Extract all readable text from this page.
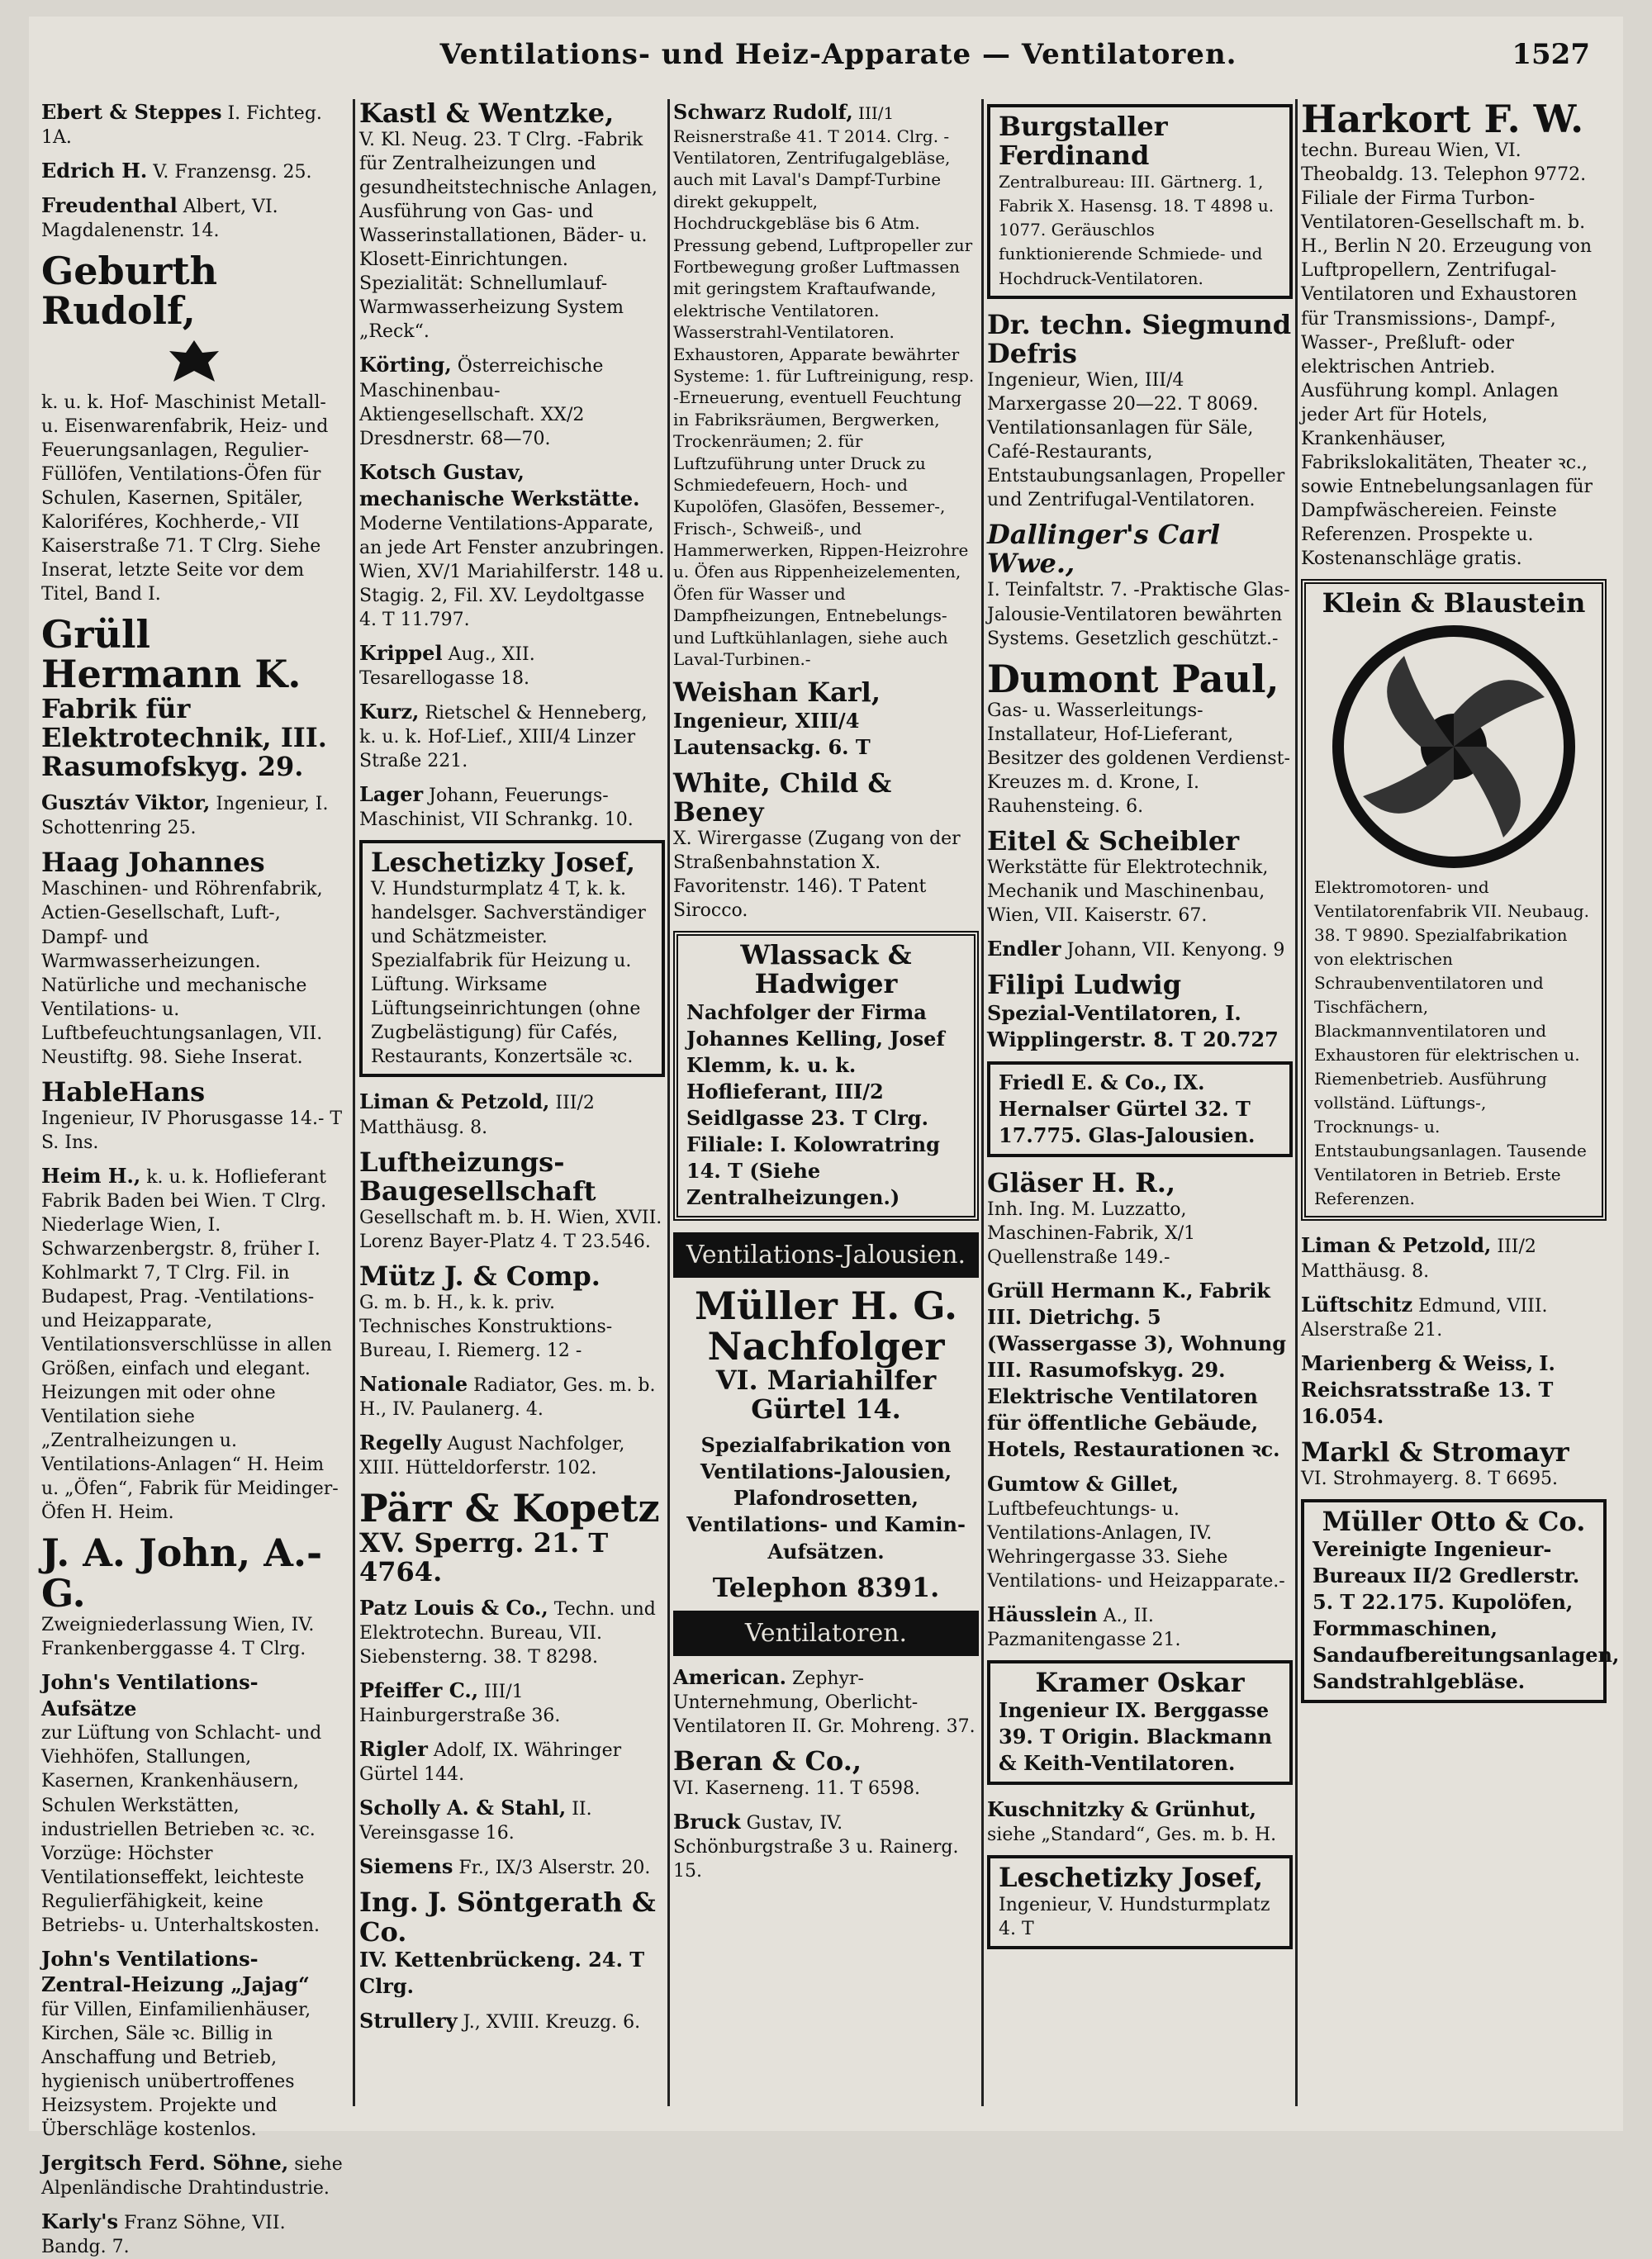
Ventilations- und Heiz-Apparate — Ventilatoren.	1527
Ebert & Steppes I. Fichteg. 1A.
Edrich H. V. Franzensg. 25.
Freudenthal Albert, VI. Magdalenenstr. 14.
Geburth Rudolf,
k. u. k. Hof- Maschinist Metall- u. Eisenwarenfabrik, Heiz- und Feuerungsanlagen, Regulier-Füllöfen, Ventilations-Öfen für Schulen, Kasernen, Spitäler, Kaloriféres, Kochherde,- VII Kaiserstraße 71. T Clrg. Siehe Inserat, letzte Seite vor dem Titel, Band I.
Grüll Hermann K.
Fabrik für Elektrotechnik, III. Rasumofskyg. 29.
Gusztáv Viktor, Ingenieur, I. Schottenring 25.
Haag Johannes
Maschinen- und Röhrenfabrik, Actien-Gesellschaft, Luft-, Dampf- und Warmwasserheizungen. Natürliche und mechanische Ventilations- u. Luftbefeuchtungsanlagen, VII. Neustiftg. 98. Siehe Inserat.
HableHans
Ingenieur, IV Phorusgasse 14.- T S. Ins.
Heim H., k. u. k. Hoflieferant Fabrik Baden bei Wien. T Clrg. Niederlage Wien, I. Schwarzenbergstr. 8, früher I. Kohlmarkt 7, T Clrg. Fil. in Budapest, Prag. -Ventilations- und Heizapparate, Ventilationsverschlüsse in allen Größen, einfach und elegant. Heizungen mit oder ohne Ventilation siehe „Zentralheizungen u. Ventilations-Anlagen“ H. Heim u. „Öfen“, Fabrik für Meidinger-Öfen H. Heim.
J. A. John, A.-G.
Zweigniederlassung Wien, IV. Frankenberggasse 4. T Clrg.
John's Ventilations-Aufsätze
zur Lüftung von Schlacht- und Viehhöfen, Stallungen, Kasernen, Krankenhäusern, Schulen Werkstätten, industriellen Betrieben ꝛc. ꝛc. Vorzüge: Höchster Ventilationseffekt, leichteste Regulierfähigkeit, keine Betriebs- u. Unterhaltskosten.
John's Ventilations-Zentral-Heizung „Jajag“
für Villen, Einfamilienhäuser, Kirchen, Säle ꝛc. Billig in Anschaffung und Betrieb, hygienisch unübertroffenes Heizsystem. Projekte und Überschläge kostenlos.
Jergitsch Ferd. Söhne, siehe Alpenländische Drahtindustrie.
Karly's Franz Söhne, VII. Bandg. 7.
Kastl & Wentzke,
V. Kl. Neug. 23. T Clrg. -Fabrik für Zentralheizungen und gesundheitstechnische Anlagen, Ausführung von Gas- und Wasserinstallationen, Bäder- u. Klosett-Einrichtungen. Spezialität: Schnellumlauf- Warmwasserheizung System „Reck“.
Körting, Österreichische Maschinenbau-Aktiengesellschaft. XX/2 Dresdnerstr. 68—70.
Kotsch Gustav, mechanische Werkstätte. Moderne Ventilations-Apparate, an jede Art Fenster anzubringen. Wien, XV/1 Mariahilferstr. 148 u. Stagig. 2, Fil. XV. Leydoltgasse 4. T 11.797.
Krippel Aug., XII. Tesarellogasse 18.
Kurz, Rietschel & Henneberg, k. u. k. Hof-Lief., XIII/4 Linzer Straße 221.
Lager Johann, Feuerungs-Maschinist, VII Schrankg. 10.
Leschetizky Josef,
V. Hundsturmplatz 4 T, k. k. handelsger. Sachverständiger und Schätzmeister. Spezialfabrik für Heizung u. Lüftung. Wirksame Lüftungseinrichtungen (ohne Zugbelästigung) für Cafés, Restaurants, Konzertsäle ꝛc.
Liman & Petzold, III/2 Matthäusg. 8.
Luftheizungs-Baugesellschaft
Gesellschaft m. b. H. Wien, XVII. Lorenz Bayer-Platz 4. T 23.546.
Mütz J. & Comp.
G. m. b. H., k. k. priv. Technisches Konstruktions-Bureau, I. Riemerg. 12 -
Nationale Radiator, Ges. m. b. H., IV. Paulanerg. 4.
Regelly August Nachfolger, XIII. Hütteldorferstr. 102.
Pärr & Kopetz
XV. Sperrg. 21. T 4764.
Patz Louis & Co., Techn. und Elektrotechn. Bureau, VII. Siebensterng. 38. T 8298.
Pfeiffer C., III/1 Hainburgerstraße 36.
Rigler Adolf, IX. Währinger Gürtel 144.
Scholly A. & Stahl, II. Vereinsgasse 16.
Siemens Fr., IX/3 Alserstr. 20.
Ing. J. Söntgerath & Co.
IV. Kettenbrückeng. 24. T Clrg.
Strullery J., XVIII. Kreuzg. 6.
Schwarz Rudolf, III/1 Reisnerstraße 41. T 2014. Clrg. -Ventilatoren, Zentrifugalgebläse, auch mit Laval's Dampf-Turbine direkt gekuppelt, Hochdruckgebläse bis 6 Atm. Pressung gebend, Luftpropeller zur Fortbewegung großer Luftmassen mit geringstem Kraftaufwande, elektrische Ventilatoren. Wasserstrahl-Ventilatoren. Exhaustoren, Apparate bewährter Systeme: 1. für Luftreinigung, resp. -Erneuerung, eventuell Feuchtung in Fabriksräumen, Bergwerken, Trockenräumen; 2. für Luftzuführung unter Druck zu Schmiedefeuern, Hoch- und Kupolöfen, Glasöfen, Bessemer-, Frisch-, Schweiß-, und Hammerwerken, Rippen-Heizrohre u. Öfen aus Rippenheizelementen, Öfen für Wasser und Dampfheizungen, Entnebelungs- und Luftkühlanlagen, siehe auch Laval-Turbinen.-
Weishan Karl,
Ingenieur, XIII/4 Lautensackg. 6. T
White, Child & Beney
X. Wirergasse (Zugang von der Straßenbahnstation X. Favoritenstr. 146). T Patent Sirocco.
Wlassack & Hadwiger
Nachfolger der Firma Johannes Kelling, Josef Klemm, k. u. k. Hoflieferant, III/2 Seidlgasse 23. T Clrg. Filiale: I. Kolowratring 14. T (Siehe Zentralheizungen.)
Ventilations-Jalousien.
Müller H. G. Nachfolger
VI. Mariahilfer Gürtel 14.
Spezialfabrikation von Ventilations-Jalousien, Plafondrosetten, Ventilations- und Kamin-Aufsätzen.
Telephon 8391.
Ventilatoren.
American. Zephyr-Unternehmung, Oberlicht-Ventilatoren II. Gr. Mohreng. 37.
Beran & Co.,
VI. Kaserneng. 11. T 6598.
Bruck Gustav, IV. Schönburgstraße 3 u. Rainerg. 15.
Burgstaller Ferdinand
Zentralbureau: III. Gärtnerg. 1, Fabrik X. Hasensg. 18. T 4898 u. 1077. Geräuschlos funktionierende Schmiede- und Hochdruck-Ventilatoren.
Dr. techn. Siegmund Defris
Ingenieur, Wien, III/4 Marxergasse 20—22. T 8069. Ventilationsanlagen für Säle, Café-Restaurants, Entstaubungsanlagen, Propeller und Zentrifugal-Ventilatoren.
Dallinger's Carl Wwe.,
I. Teinfaltstr. 7. -Praktische Glas-Jalousie-Ventilatoren bewährten Systems. Gesetzlich geschützt.-
Dumont Paul,
Gas- u. Wasserleitungs-Installateur, Hof-Lieferant, Besitzer des goldenen Verdienst-Kreuzes m. d. Krone, I. Rauhensteing. 6.
Eitel & Scheibler
Werkstätte für Elektrotechnik, Mechanik und Maschinenbau, Wien, VII. Kaiserstr. 67.
Endler Johann, VII. Kenyong. 9
Filipi Ludwig
Spezial-Ventilatoren, I. Wipplingerstr. 8. T 20.727
Friedl E. & Co., IX. Hernalser Gürtel 32. T 17.775. Glas-Jalousien.
Gläser H. R.,
Inh. Ing. M. Luzzatto, Maschinen-Fabrik, X/1 Quellenstraße 149.-
Grüll Hermann K., Fabrik III. Dietrichg. 5 (Wassergasse 3), Wohnung III. Rasumofskyg. 29. Elektrische Ventilatoren für öffentliche Gebäude, Hotels, Restaurationen ꝛc.
Gumtow & Gillet,
Luftbefeuchtungs- u. Ventilations-Anlagen, IV. Wehringergasse 33. Siehe Ventilations- und Heizapparate.-
Häusslein A., II. Pazmanitengasse 21.
Kramer Oskar
Ingenieur IX. Berggasse 39. T Origin. Blackmann & Keith-Ventilatoren.
Kuschnitzky & Grünhut, siehe „Standard“, Ges. m. b. H.
Leschetizky Josef,
Ingenieur, V. Hundsturmplatz 4. T
Harkort F. W.
techn. Bureau Wien, VI. Theobaldg. 13. Telephon 9772. Filiale der Firma Turbon-Ventilatoren-Gesellschaft m. b. H., Berlin N 20. Erzeugung von Luftpropellern, Zentrifugal-Ventilatoren und Exhaustoren für Transmissions-, Dampf-, Wasser-, Preßluft- oder elektrischen Antrieb. Ausführung kompl. Anlagen jeder Art für Hotels, Krankenhäuser, Fabrikslokalitäten, Theater ꝛc., sowie Entnebelungsanlagen für Dampfwäschereien. Feinste Referenzen. Prospekte u. Kostenanschläge gratis.
Klein & Blaustein
Elektromotoren- und Ventilatorenfabrik VII. Neubaug. 38. T 9890. Spezialfabrikation von elektrischen Schraubenventilatoren und Tischfächern, Blackmannventilatoren und Exhaustoren für elektrischen u. Riemenbetrieb. Ausführung vollständ. Lüftungs-, Trocknungs- u. Entstaubungsanlagen. Tausende Ventilatoren in Betrieb. Erste Referenzen.
Liman & Petzold, III/2 Matthäusg. 8.
Lüftschitz Edmund, VIII. Alserstraße 21.
Marienberg & Weiss, I. Reichsratsstraße 13. T 16.054.
Markl & Stromayr
VI. Strohmayerg. 8. T 6695.
Müller Otto & Co.
Vereinigte Ingenieur-Bureaux II/2 Gredlerstr. 5. T 22.175. Kupolöfen, Formmaschinen, Sandaufbereitungsanlagen, Sandstrahlgebläse.
